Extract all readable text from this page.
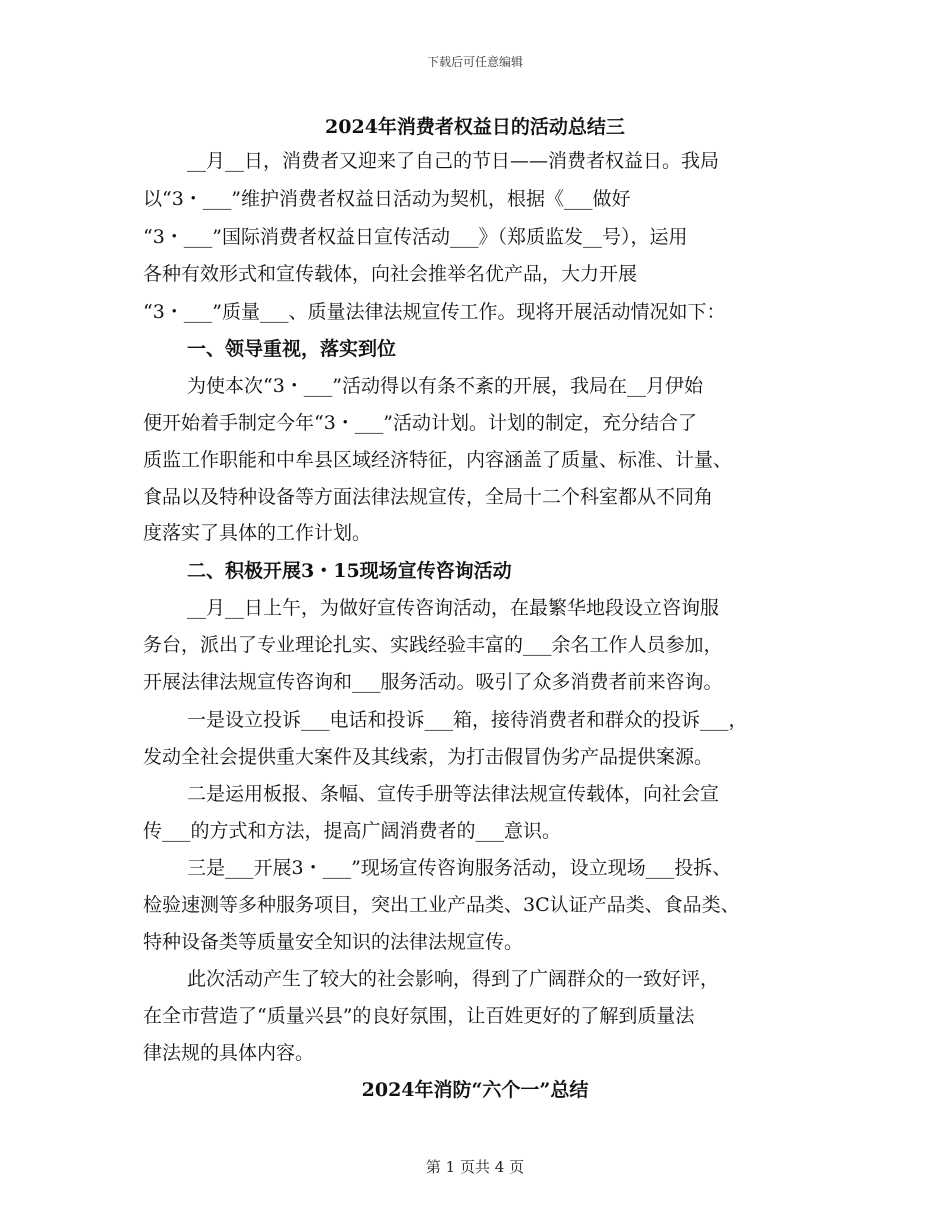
下载后可任意编辑
2024年消费者权益日的活动总结三
__月__日，消费者又迎来了自己的节日——消费者权益日。我局
以“3・___”维护消费者权益日活动为契机，根据《___做好
“3・___”国际消费者权益日宣传活动___》（郑质监发__号），运用
各种有效形式和宣传载体，向社会推举名优产品，大力开展
“3・___”质量___、质量法律法规宣传工作。现将开展活动情况如下：
一、领导重视，落实到位
为使本次“3・___”活动得以有条不紊的开展，我局在__月伊始
便开始着手制定今年“3・___”活动计划。计划的制定，充分结合了
质监工作职能和中牟县区域经济特征，内容涵盖了质量、标准、计量、
食品以及特种设备等方面法律法规宣传，全局十二个科室都从不同角
度落实了具体的工作计划。
二、积极开展3・15现场宣传咨询活动
__月__日上午，为做好宣传咨询活动，在最繁华地段设立咨询服
务台，派出了专业理论扎实、实践经验丰富的___余名工作人员参加，
开展法律法规宣传咨询和___服务活动。吸引了众多消费者前来咨询。
一是设立投诉___电话和投诉___箱，接待消费者和群众的投诉___，
发动全社会提供重大案件及其线索，为打击假冒伪劣产品提供案源。
二是运用板报、条幅、宣传手册等法律法规宣传载体，向社会宣
传___的方式和方法，提高广阔消费者的___意识。
三是___开展3・___”现场宣传咨询服务活动，设立现场___投拆、
检验速测等多种服务项目，突出工业产品类、3C认证产品类、食品类、
特种设备类等质量安全知识的法律法规宣传。
此次活动产生了较大的社会影响，得到了广阔群众的一致好评，
在全市营造了“质量兴县”的良好氛围，让百姓更好的了解到质量法
律法规的具体内容。
2024年消防“六个一”总结
第 1 页共 4 页
